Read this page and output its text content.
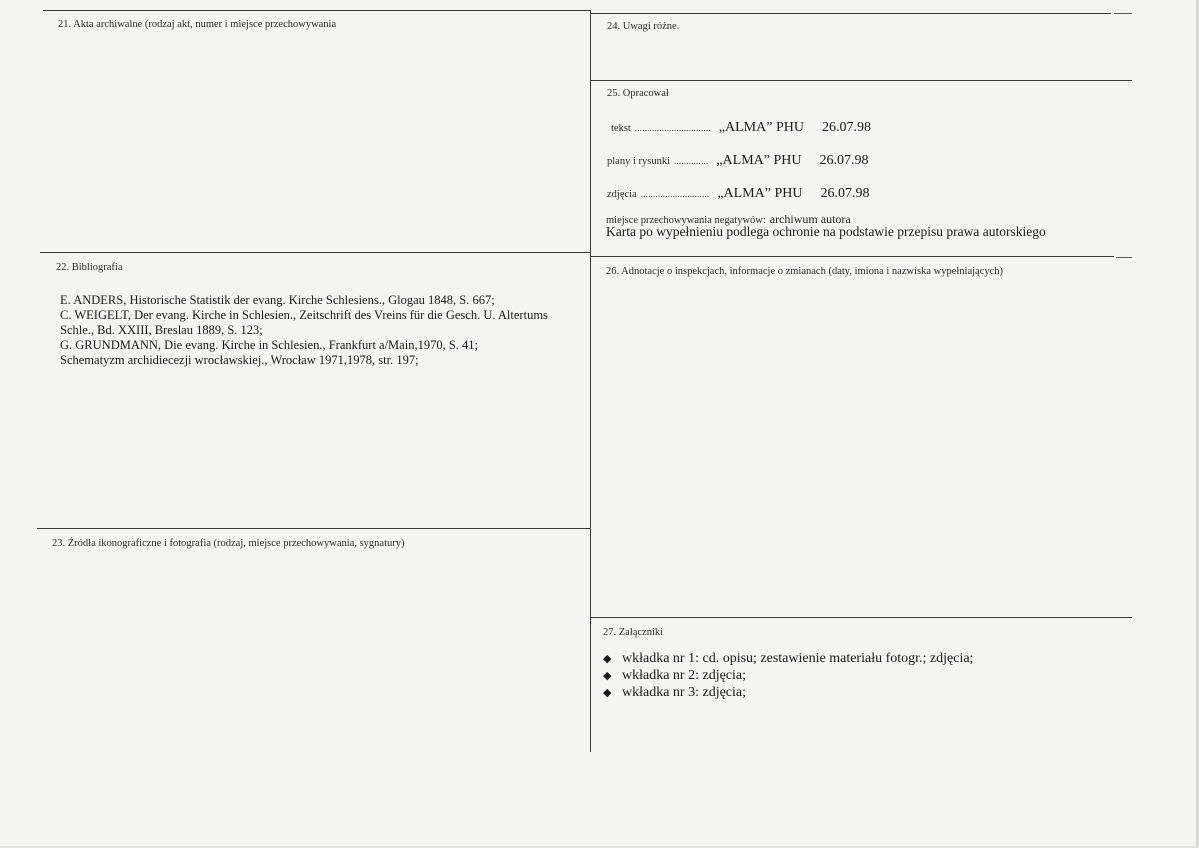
21. Akta archiwalne (rodzaj akt, numer i miejsce przechowywania
22. Bibliografia
E. ANDERS, Historische Statistik der evang. Kirche Schlesiens., Glogau 1848, S. 667;
C. WEIGELT, Der evang. Kirche in Schlesien., Zeitschrift des Vreins für die Gesch. U. Altertums
Schle., Bd. XXIII, Breslau 1889, S. 123;
G. GRUNDMANN, Die evang. Kirche in Schlesien., Frankfurt a/Main,1970, S. 41;
Schematyzm archidiecezji wrocławskiej., Wrocław 1971,1978, str. 197;
23. Źródła ikonograficzne i fotografia (rodzaj, miejsce przechowywania, sygnatury)
24. Uwagi różne.
25. Opracował
tekst ............................... „ALMA” PHU 26.07.98
plany i rysunki .............. „ALMA” PHU 26.07.98
zdjęcia ............................ „ALMA” PHU 26.07.98
miejsce przechowywania negatywów: archiwum autora
Karta po wypełnieniu podlega ochronie na podstawie przepisu prawa autorskiego
26. Adnotacje o inspekcjach, informacje o zmianach (daty, imiona i nazwiska wypełniających)
27. Załączniki
◆ wkładka nr 1: cd. opisu; zestawienie materiału fotogr.; zdjęcia;
◆ wkładka nr 2: zdjęcia;
◆ wkładka nr 3: zdjęcia;
